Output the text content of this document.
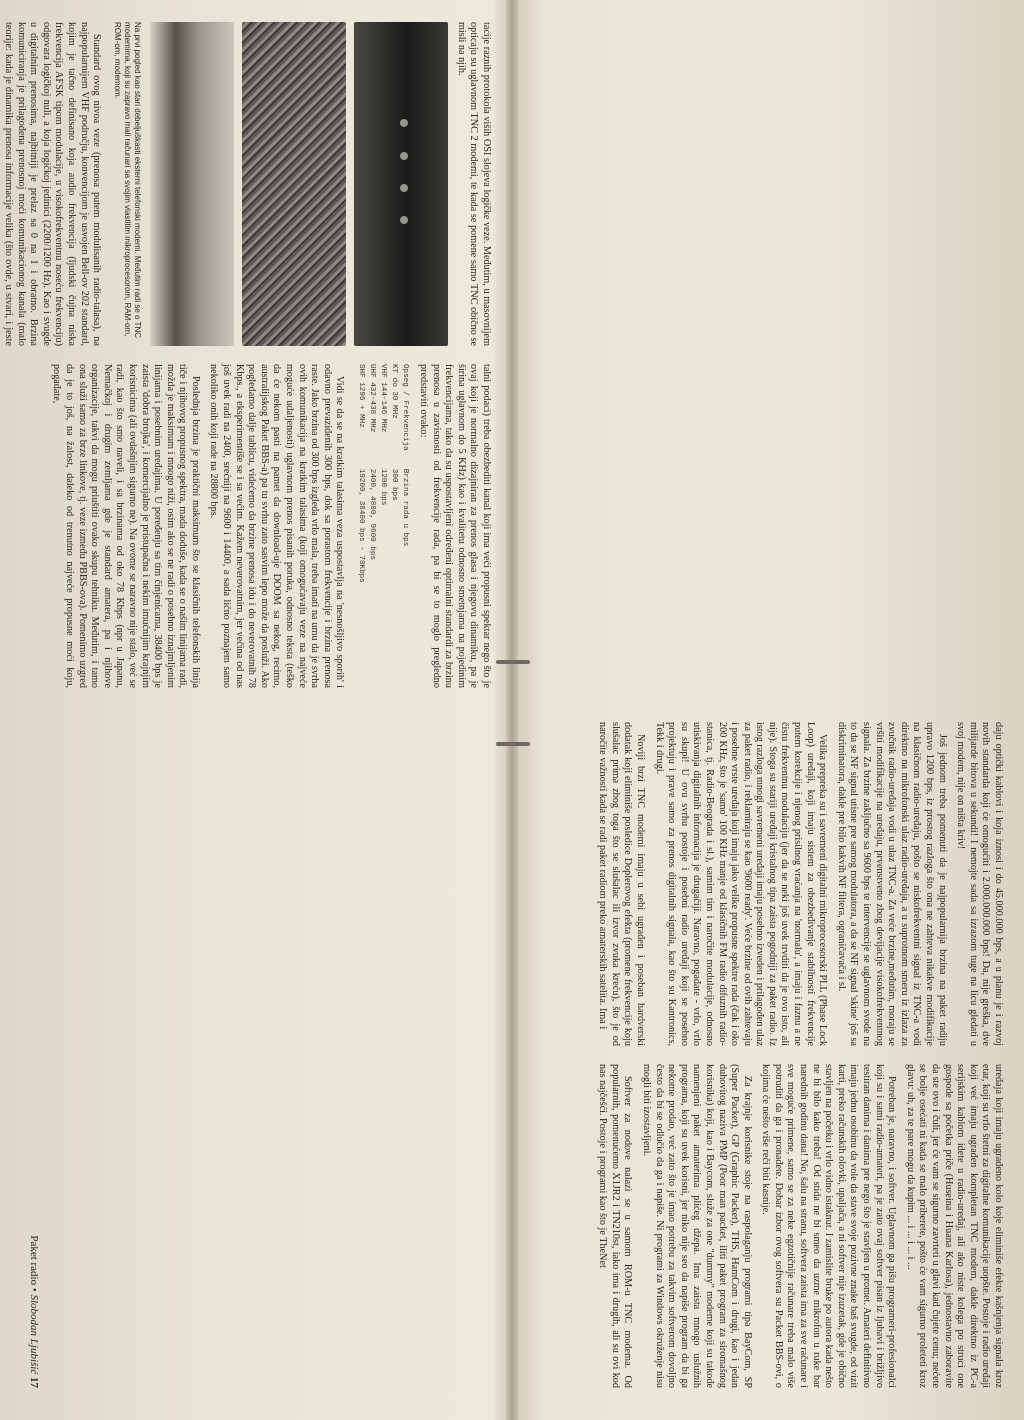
tacije raznih protokola viših OSI slojeva logičke veze. Međutim, u masovnijem opticaju su uglavnom TNC 2 modemi, te kada se pomene samo TNC obično se misli na njih.

Na prvi pogled kao stari debeljuškasti eksterni telefonski modemi. Međutim radi se o TNC modemima, koji su zapravo mali računari sa svojim vlastitim mikroprocesorom, RAM-om, ROM-om, modemom.

Standard ovog nivoa veze (prenosa putem modulisanih radio-talasa), na najpopularnijem VHF području, konvencijom je usvojen Bell-ov 202 standard, kojim je tačno definisano koja audio frekvencija (ljudski čujna niska frekvencija AFSK tipom modulacije, u visokofrekventnu noseću frekvenciju) odgovara logičkoj nuli, a koja logičkoj jedinici (2200/1200 Hz). Kao i svugde u digitalnim prenosima, najbitniji je prelaz sa 0 na 1 i obratno. Brzina komuniciranja je prilagođena prenosnoj moći komunikacionog kanala (malo teorije: kada je dinamika prenosa informacije velika (što ovde, u stvari, i jeste

talni podaci) treba obezbediti kanal koji ima veći propusni spektar nego što je ovaj koji je normalno dizajniran za prenos glasa i njegovu dinamiku, pa je širina uglavnom do 5 KHz) kao i kvalitetu odnosno smetnjama na pojedinim frekvencijama, tako da su uspostavljeni određeni optimalni standardi za brzinu prenosa u zavisnosti od frekvencije rada, pa bi se to moglo pregledno predstaviti ovako:

Opseg / Frekvencija    Brzina rada u bps
KT do 30 MHz           300 bps
VHF 144-146 MHz        1200 bps
UHF 432-438 MHz        2400, 4800, 9600 bps
SHF 1296 + MHz         19200, 38400 bps - 78Kbps

Vidi se da se na kratkim talasima veza uspostavlja na 'nesnošljivo sporih' i odavno prevaziđenih 300 bps, dok sa porastom frekvencije i brzina prenosa raste. Jako brzina od 300 bps izgleda vrlo mala, treba imati na umu da je svrha ovih komunikacija na kratkim talasima (koji omogućavaju veze na najveće moguće udaljenosti) uglavnom prenos pisanih poruka, odnosno teksta (teško da će nekom pasti na pamet da download-uje DOOM sa nekog, recimo, australijskog Paket BBS-a) pa tu svrhu zato sasvim lepo može da posluži. Ako pogledamo dalje tablicu, videćemo da brzine prenosa idu i do neverovatnih 78 Kbps., a eksperimentiše se i sa većim. Kažem neverovatnim, jer večina od nas još uvek radi na 2400, srećniji na 9600 i 14400, a sada lično poznajem samo nekoliko onih koji rade na 28800 bps.

Poslednja brzina je praktični maksimum što se klasičnih telefonskih linija tiče i njihovog propusnog spektra, mada doduše, kada se o našim linijama radi, možda je maksimum i mnogo niži, osim ako se ne radi o posebno iznajmljenim linijama i posebnim uređajima. U poređenju sa tim činjenicama, 38400 bps je zaista 'dobra brojka', i komercijalno je pristupačna i nekim imućnijim krajnjim korisnicima (ali ovdašnjim sigurno ne). Na ovome se naravno nije stalo, već se radi, kao što smo naveli, i sa brzinama od oko 78 Kbps (npr u Japanu, Nemačkoj i drugim zemljama gde je standard amatera, pa i njihove organizacije, takvi da mogu priuštiti ovako skupu tehniku. Međutim, i tamo ona služi samo za brze linkove, tj. veze između PBBS-ova). Pomenimo uzgred da je to još, na žalost, daleko od trenutno najveće propusne moći koju, pogađate,

daju optički kablovi i koja iznosi i do 45.000.000 bps, a u planu je i razvoj novih standarda koji će omogućiti i 2.000.000.000 bps! Da, nije greška, dve milijarde bitova u sekundi! I nemojte sada sa izrazom tuge na licu gledati u svoj modem, nije on ništa kriv!

Još jednom treba pomenuti da je najpopularnija brzina na paket radiju upravo 1200 bps, iz prostog razloga što ona ne zahteva nikakve modifikacije na klasičnom radio-uređaju, pošto se niskofrekventni signal iz TNC-a vodi direktno na mikrofonski ulaz radio-uređaja, a u suprotnom smeru iz izlaza za zvučnik radio-uređaja vodi u ulaz TNC-a. Za veće brzine,međutim, moraju se vršiti modifikacije na uređaju, prvenstveno zbog devijacije visokofrekventnog signala. Za brzine zaključno sa 9600 bps te intervencije se uglavnom svode na to da se NF signal utisne pre samog modulatora, a da se NF signal 'skine' još sa diskriminatora, dakle pre bilo kakvih NF filtera, ograničavača i sl.

Velika prepreka su i savremeni digitalni mikroprocesorski PLL (Phase Lock Loop) uređaji, koji imaju sistem za obezbeđivanje stabilnosti frekvencije putem korekcije i njenog prisilnog vraćanja na 'normalu', a imaju i faznu a ne čistu frekventnu modulaciju (jer da se neki još uvek trvditi da je ovo isto, ali nije). Stoga su stariji uređaji kristalnog tipa zaista pogodniji za paket radio. Iz istog razloga mnogi savremeni uređaji imaju posebno izveden i prilagođen ulaz za paket radio, i reklamiraju se kao '9600 ready'. Veće brzine od ovih zahtevaju i posebne vrste uređaja koji imaju jako velike propusne spektre rada (čak i oko 200 KHz, što je 'samo' 100 KHz manje od klasičnih FM radio difuznih radio-stanica, tj. Radio-Beograda i sl.), samim tim i naročite modulacije, odnosno utiskivanja digitalnih informacija je drugačiji. Naravno, pogađate - vrlo, vrlo su skupi! U ovu svrhu postoje i posebni radio uređaji koji se posebno projektuju i prave samo za prenos digitalnih signala, kao što su Kantronics, Tekk i drugi.

Noviji brzi TNC modemi imaju u sebi ugrađen i poseban hardverski dodatak koji eliminiše posledice Doplerovog efekta (promene frekvencije koju slušalac prima zbog toga što se slušalac ili izvor zvuka kreću), što je od naročite važnosti kada se radi paket radiom preko amaterskih satelita. Ima i

uređaja koji imaju ugrađeno kolo koje eliminiše efekte kašnjenja signala kroz etar, koji su vrlo štetni za digitalne komunikacije uopšte. Postoje i radio uređaji koji već imaju ugrađen kompletan TNC modem, dakle direktno iz PC-a serijskim kablom idete u radio-uređaj, ali ako niste kolega po struci one gospode sa početka priče (Huseina i Huana Karlosa), jednostavno zaboravite da ste ovo i čuli, jer će vam se sigurno zavrteti u glavi kad čujete cenu; nećete se bolje osećati ni kada se malo priberete, pošto će vam sigurno proleteti kroz glavu: uh, za te pare mogu da kupim ... i ... i ... i ...

Potreban je, naravno, i softver. Uglavnom ga pišu programeri-profesionalci koji su i sami radio-amateri, pa je zato ovaj softver pisan iz ljubavi i brižljivo testiran danima i danima pre nego što je stavljen u promet. Amateri definitivno imaju jednu osobinu da vole da stave svoje pozivne znake baš svugde, od vizit karti, preko računskih olovki, upaljača, a ni softver nije izuzetak, gde je obično stavljen na početku i vrlo vidno istaknut. I zamislite bruke po autora kada nešto ne bi bilo kako treba! Od stida ne bi smeo da uzme mikrofon u ruke bar narednih godinu dana! No, šalu na stranu, softvera zaista ima za sve računare i sve moguće primene, samo se za neke egzotičnije računare treba malo više potruditi da ga i pronađete. Dobar izbor ovog softvera su Packet BBS-ovi, o kojima će nešto više reči biti kasnije.

Za krajnje korisnike stoje na raspolaganju programi tipa BayCom, SP (Super Packet), GP (Graphic Packet), THS, HamCom i drugi, kao i jedan duhovitog naziva PMP (Poor man packet, iliti paket program za siromašnog korisnika) koji, kao i Baycom, služe za one "dummy" modeme koji su takođe namenjeni paket amaterima plićeg džepa. Ima zaista mnogo uslužnih programa, koji su uvek korisni, jer niko nije seo da napiše program da bi ga nekome prodao, već zato što je imao potrebu za takvim softverom dovoljno često da bi se odlučio da ga i napiše. Ni programi za Windows okruženje nisu mogli biti izostavljeni.

Softver za nodove nalazi se u samom ROM-u TNC modema. Od popularnih, pomenućemo X1JR2 i TN210st, iako ima i drugih, ali su ovi kod nas najčešći. Postoje i programi kao što je TheNet

Paket radio • Slobodan Ljubišić 17
